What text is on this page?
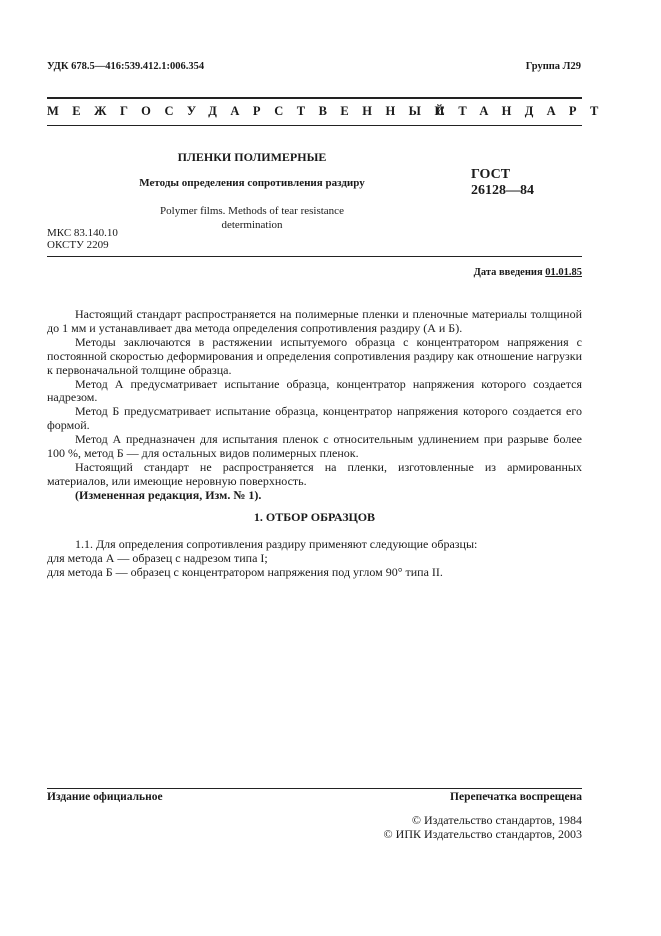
УДК 678.5—416:539.412.1:006.354	Группа Л29
МЕЖГОСУДАРСТВЕННЫЙ
СТАНДАРТ
ПЛЕНКИ ПОЛИМЕРНЫЕ
Методы определения сопротивления раздиру
ГОСТ
26128—84
Polymer films. Methods of tear resistance
determination
МКС 83.140.10
ОКСТУ 2209
Дата введения 01.01.85

Настоящий стандарт распространяется на полимерные пленки и пленочные материалы толщиной до 1 мм и устанавливает два метода определения сопротивления раздиру (А и Б).

Методы заключаются в растяжении испытуемого образца с концентратором напряжения с постоянной скоростью деформирования и определения сопротивления раздиру как отношение нагрузки к первоначальной толщине образца.

Метод А предусматривает испытание образца, концентратор напряжения которого создается надрезом.

Метод Б предусматривает испытание образца, концентратор напряжения которого создается его формой.

Метод А предназначен для испытания пленок с относительным удлинением при разрыве более 100 %, метод Б — для остальных видов полимерных пленок.

Настоящий стандарт не распространяется на пленки, изготовленные из армированных материалов, или имеющие неровную поверхность.

(Измененная редакция, Изм. № 1).

1. ОТБОР ОБРАЗЦОВ

1.1. Для определения сопротивления раздиру применяют следующие образцы:

для метода А — образец с надрезом типа I;

для метода Б — образец с концентратором напряжения под углом 90° типа II.

Издание официальное	Перепечатка воспрещена
© Издательство стандартов, 1984
© ИПК Издательство стандартов, 2003
